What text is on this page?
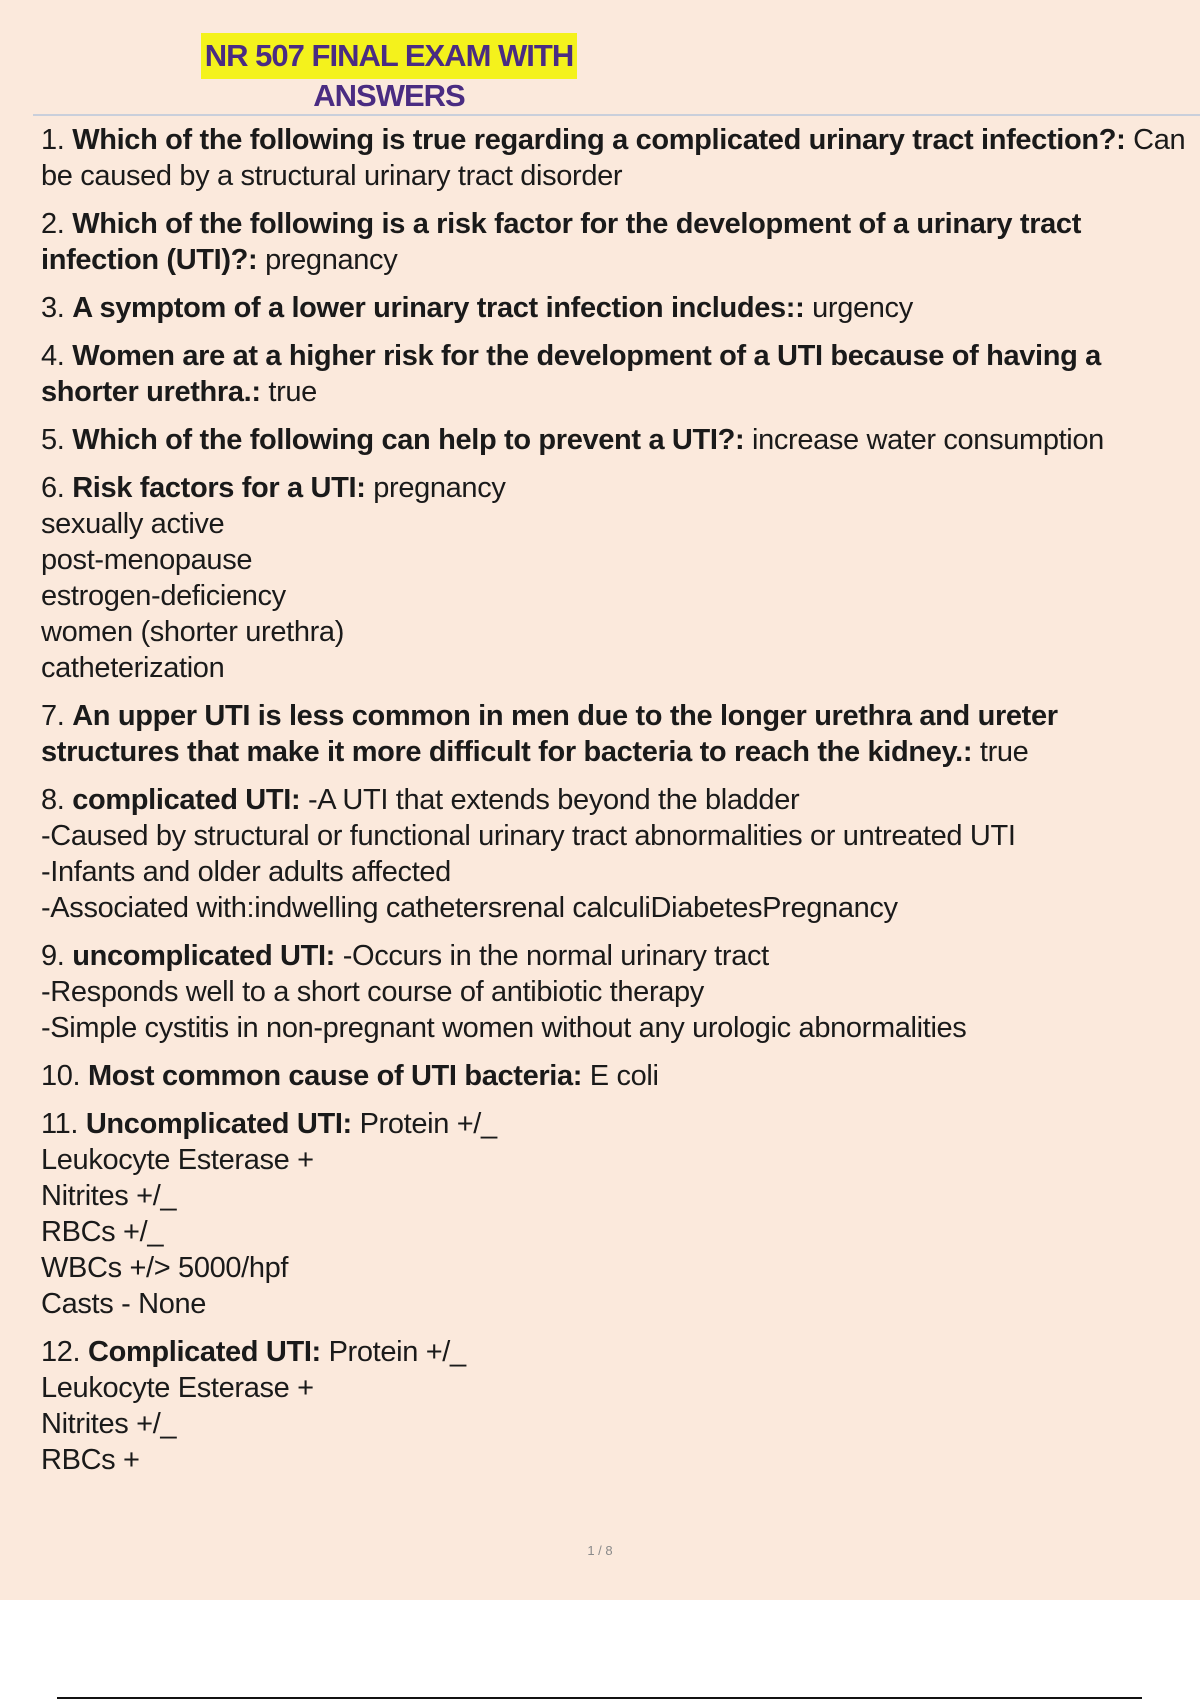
NR 507 FINAL EXAM WITH
ANSWERS
1. Which of the following is true regarding a complicated urinary tract infection?: Can be caused by a structural urinary tract disorder
2. Which of the following is a risk factor for the development of a urinary tract infection (UTI)?: pregnancy
3. A symptom of a lower urinary tract infection includes:: urgency
4. Women are at a higher risk for the development of a UTI because of having a shorter urethra.: true
5. Which of the following can help to prevent a UTI?: increase water consumption
6. Risk factors for a UTI: pregnancy
sexually active
post-menopause
estrogen-deficiency
women (shorter urethra)
catheterization
7. An upper UTI is less common in men due to the longer urethra and ureter structures that make it more difficult for bacteria to reach the kidney.: true
8. complicated UTI: -A UTI that extends beyond the bladder
-Caused by structural or functional urinary tract abnormalities or untreated UTI
-Infants and older adults affected
-Associated with:indwelling cathetersrenal calculiDiabetesPregnancy
9. uncomplicated UTI: -Occurs in the normal urinary tract
-Responds well to a short course of antibiotic therapy
-Simple cystitis in non-pregnant women without any urologic abnormalities
10. Most common cause of UTI bacteria: E coli
11. Uncomplicated UTI: Protein +/_
Leukocyte Esterase +
Nitrites +/_
RBCs +/_
WBCs +/> 5000/hpf
Casts - None
12. Complicated UTI: Protein +/_
Leukocyte Esterase +
Nitrites +/_
RBCs +
1 / 8
